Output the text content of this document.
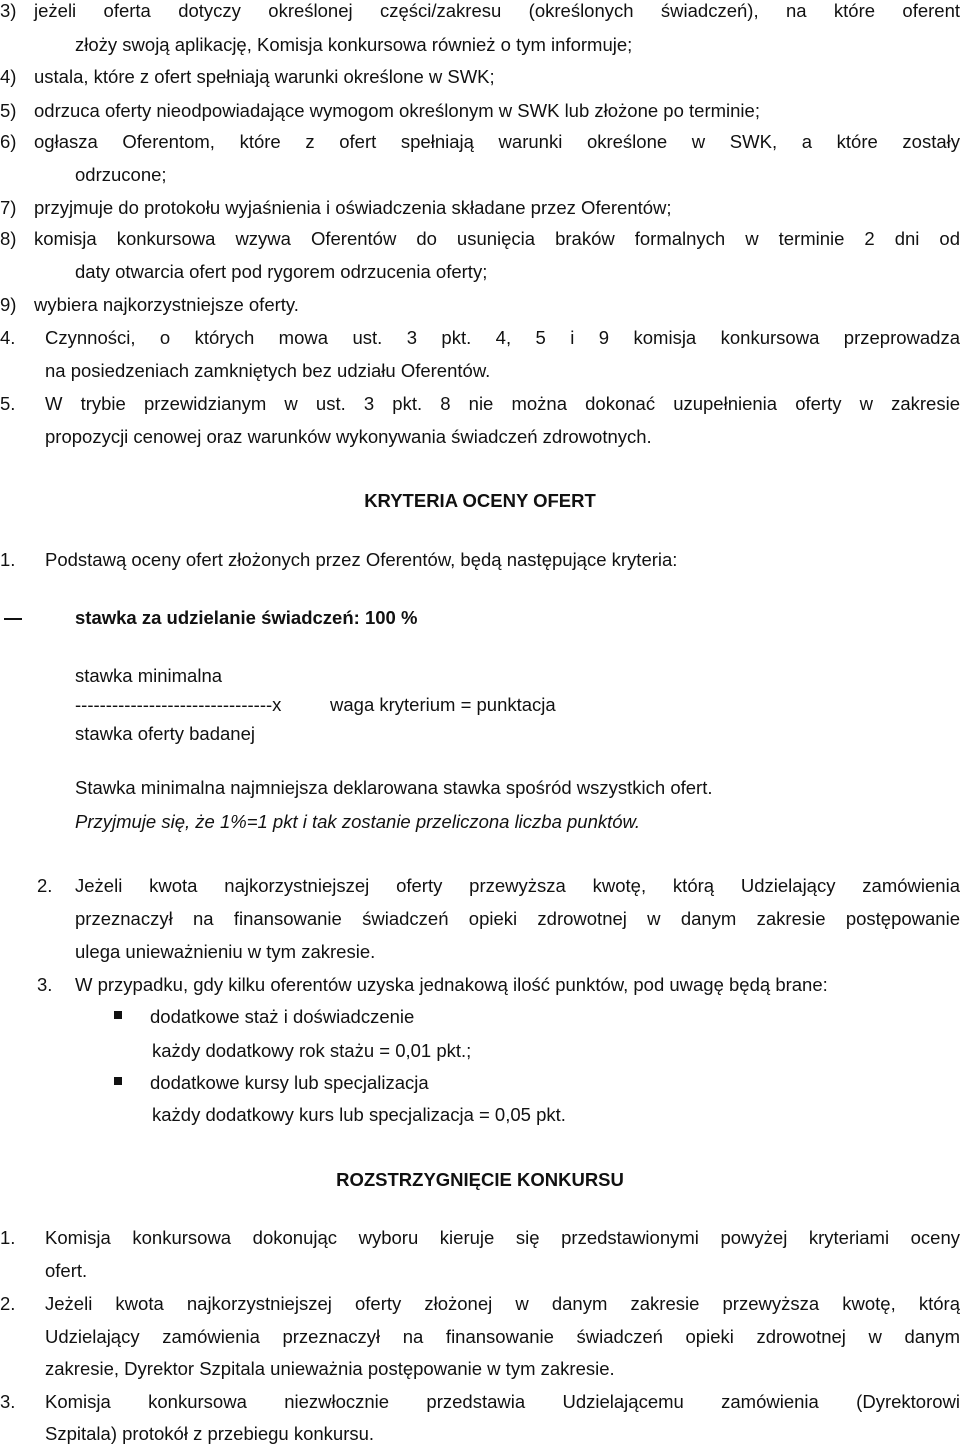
3) jeżeli oferta dotyczy określonej części/zakresu (określonych świadczeń), na które oferent
złoży swoją aplikację, Komisja konkursowa również o tym informuje;
4) ustala, które z ofert spełniają warunki określone w SWK;
5) odrzuca oferty nieodpowiadające wymogom określonym w SWK lub złożone po terminie;
6) ogłasza Oferentom, które z ofert spełniają warunki określone w SWK, a które zostały
odrzucone;
7) przyjmuje do protokołu wyjaśnienia i oświadczenia składane przez Oferentów;
8) komisja konkursowa wzywa Oferentów do usunięcia braków formalnych w terminie 2 dni od
daty otwarcia ofert pod rygorem odrzucenia oferty;
9) wybiera najkorzystniejsze oferty.
4. Czynności, o których mowa ust. 3 pkt. 4, 5 i 9 komisja konkursowa przeprowadza
na posiedzeniach zamkniętych bez udziału Oferentów.
5. W trybie przewidzianym w ust. 3 pkt. 8 nie można dokonać uzupełnienia oferty w zakresie
propozycji cenowej oraz warunków wykonywania świadczeń zdrowotnych.
KRYTERIA OCENY OFERT
1. Podstawą oceny ofert złożonych przez Oferentów, będą następujące kryteria:
stawka za udzielanie świadczeń: 100 %
stawka minimalna
--------------------------------x	waga kryterium = punktacja
stawka oferty badanej
Stawka minimalna najmniejsza deklarowana stawka spośród wszystkich ofert.
Przyjmuje się, że 1%=1 pkt i tak zostanie przeliczona liczba punktów.
2. Jeżeli kwota najkorzystniejszej oferty przewyższa kwotę, którą Udzielający zamówienia
przeznaczył na finansowanie świadczeń opieki zdrowotnej w danym zakresie postępowanie
ulega unieważnieniu w tym zakresie.
3. W przypadku, gdy kilku oferentów uzyska jednakową ilość punktów, pod uwagę będą brane:
dodatkowe staż i doświadczenie
każdy dodatkowy rok stażu = 0,01 pkt.;
dodatkowe kursy lub specjalizacja
każdy dodatkowy kurs lub specjalizacja = 0,05 pkt.
ROZSTRZYGNIĘCIE KONKURSU
1. Komisja konkursowa dokonując wyboru kieruje się przedstawionymi powyżej kryteriami oceny
ofert.
2. Jeżeli kwota najkorzystniejszej oferty złożonej w danym zakresie przewyższa kwotę, którą
Udzielający zamówienia przeznaczył na finansowanie świadczeń opieki zdrowotnej w danym
zakresie, Dyrektor Szpitala unieważnia postępowanie w tym zakresie.
3. Komisja konkursowa niezwłocznie przedstawia Udzielającemu zamówienia (Dyrektorowi
Szpitala) protokół z przebiegu konkursu.
